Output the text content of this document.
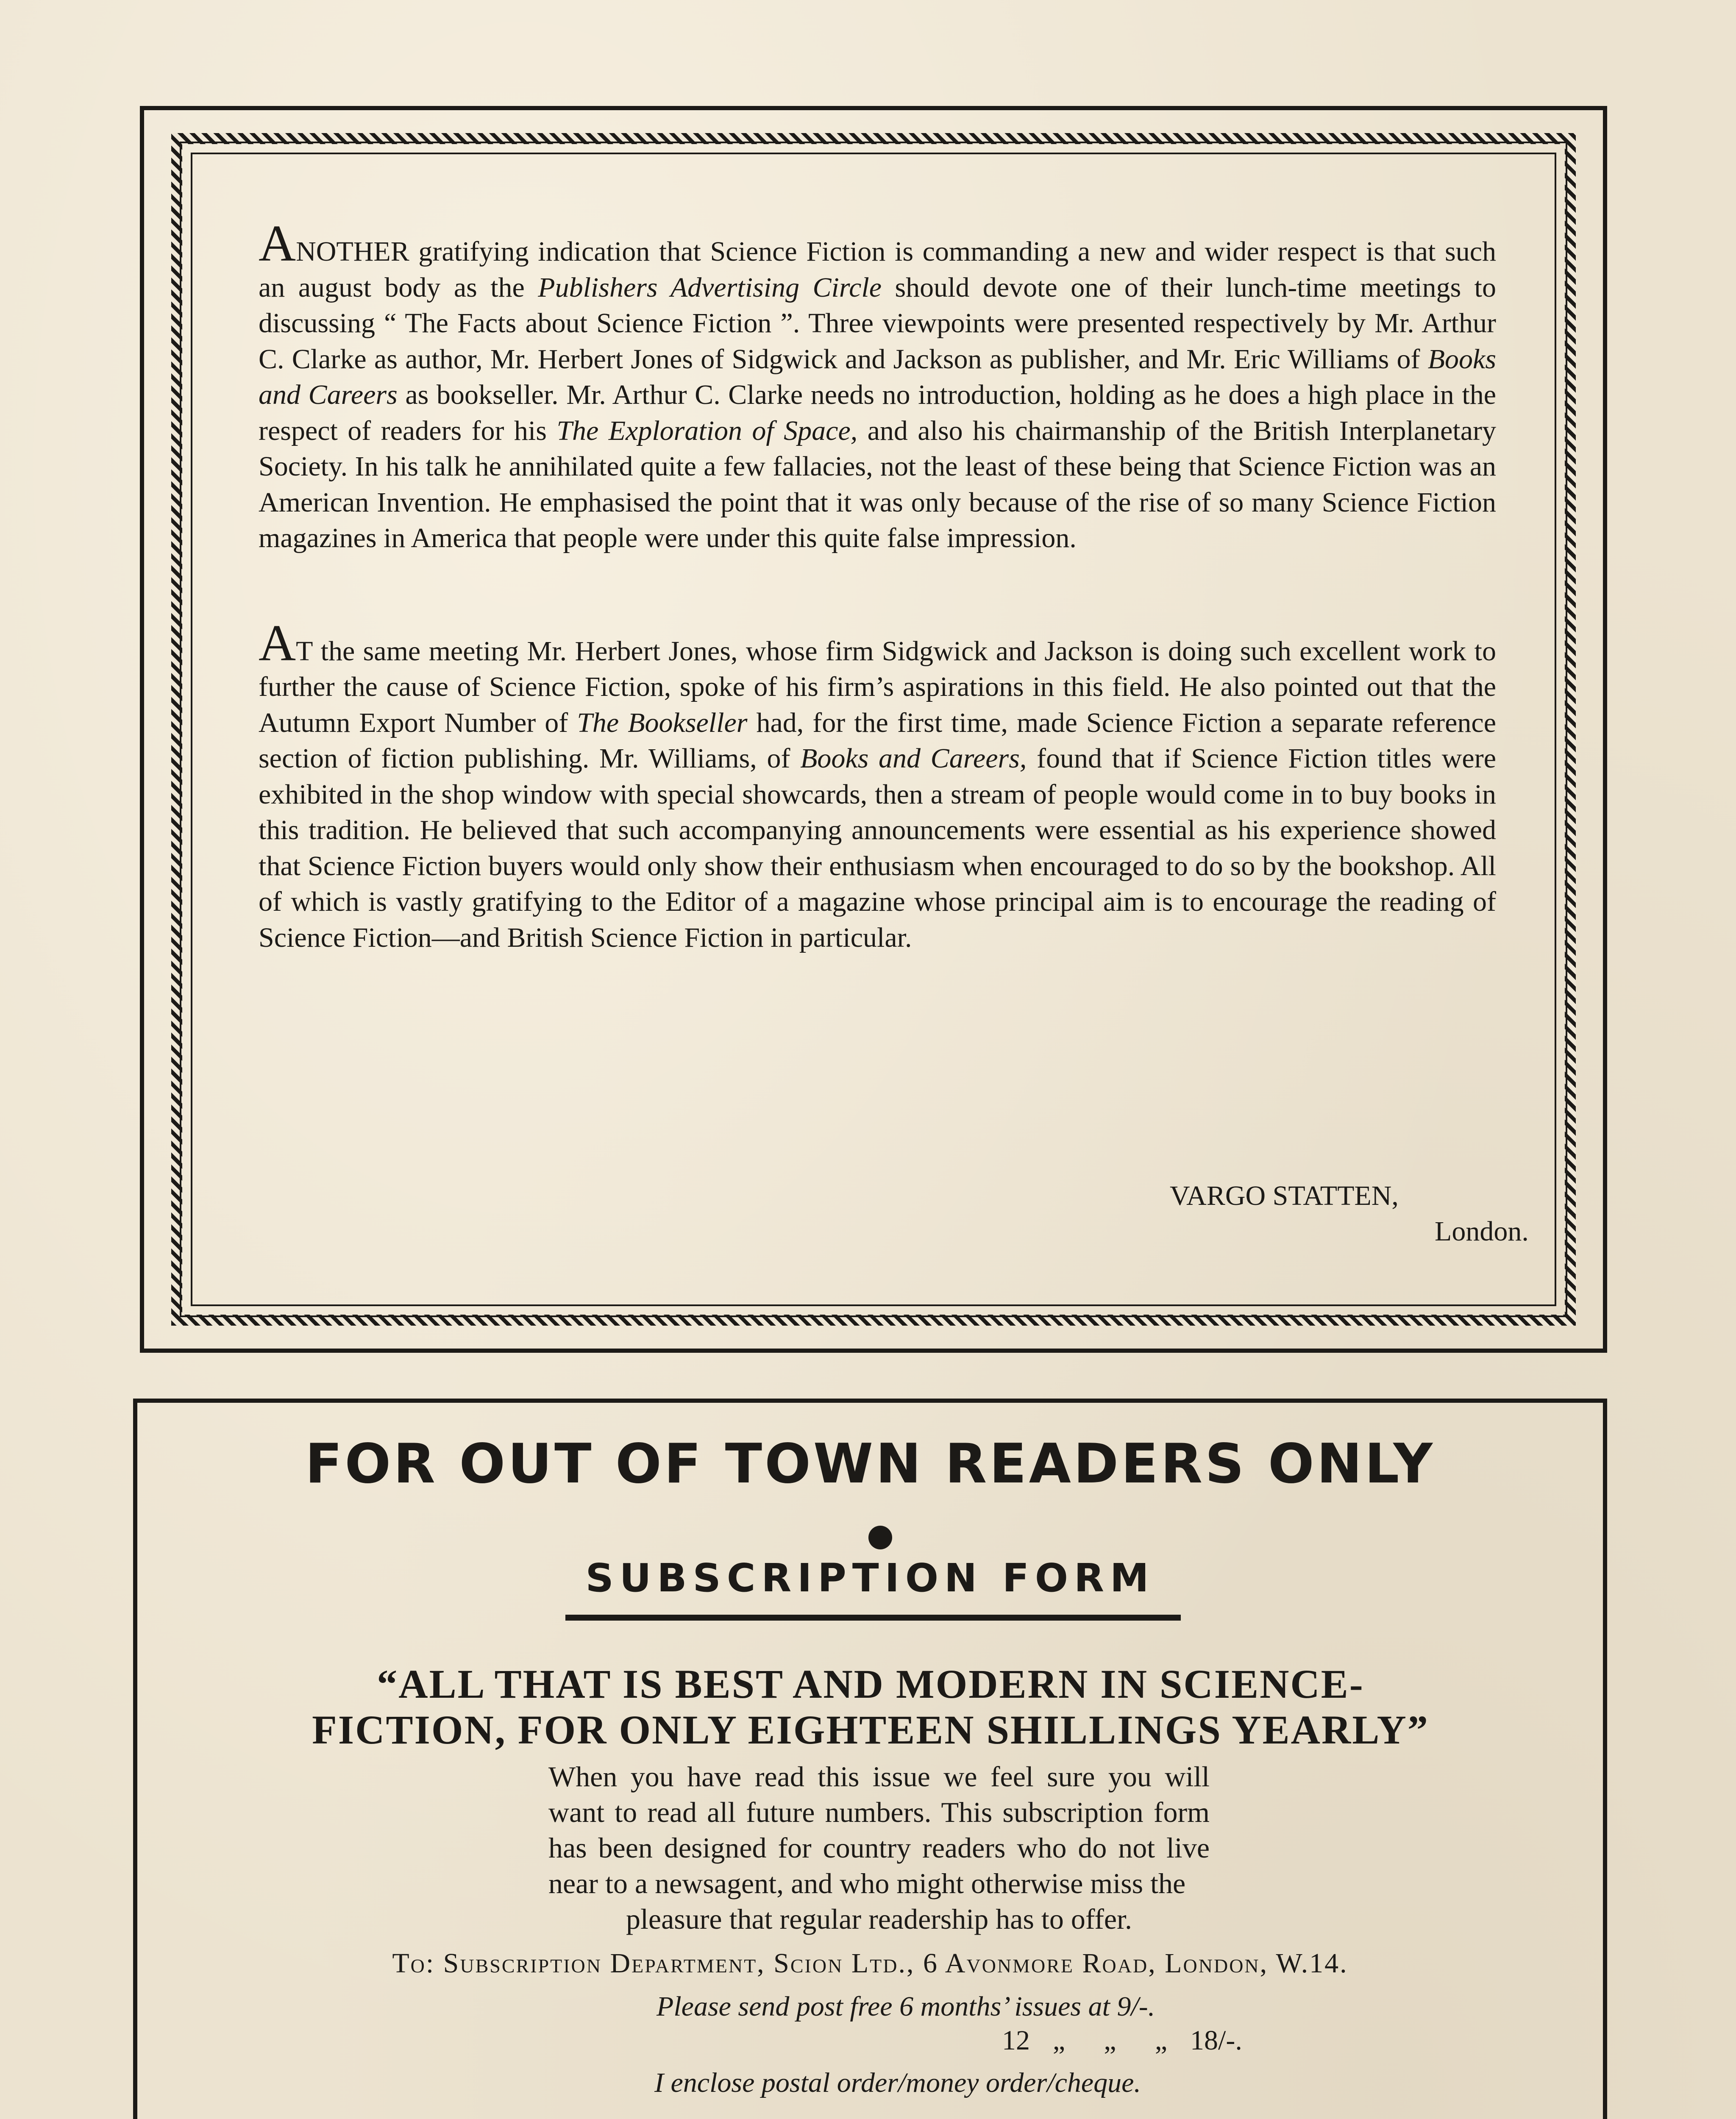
ANOTHER gratifying indication that Science Fiction is commanding a new and wider respect is that such an august body as the Publishers Advertising Circle should devote one of their lunch-time meetings to discussing “ The Facts about Science Fiction ”. Three viewpoints were presented respectively by Mr. Arthur C. Clarke as author, Mr. Herbert Jones of Sidgwick and Jackson as publisher, and Mr. Eric Williams of Books and Careers as bookseller. Mr. Arthur C. Clarke needs no introduction, holding as he does a high place in the respect of readers for his The Exploration of Space, and also his chairmanship of the British Interplanetary Society. In his talk he annihilated quite a few fallacies, not the least of these being that Science Fiction was an American Invention. He emphasised the point that it was only because of the rise of so many Science Fiction magazines in America that people were under this quite false impression.

AT the same meeting Mr. Herbert Jones, whose firm Sidgwick and Jackson is doing such excellent work to further the cause of Science Fiction, spoke of his firm’s aspirations in this field. He also pointed out that the Autumn Export Number of The Bookseller had, for the first time, made Science Fiction a separate reference section of fiction publishing. Mr. Williams, of Books and Careers, found that if Science Fiction titles were exhibited in the shop window with special showcards, then a stream of people would come in to buy books in this tradition. He believed that such accompanying announcements were essential as his experience showed that Science Fiction buyers would only show their enthusiasm when encouraged to do so by the bookshop. All of which is vastly gratifying to the Editor of a magazine whose principal aim is to encourage the reading of Science Fiction—and British Science Fiction in particular.

VARGO STATTEN,
London.
FOR OUT OF TOWN READERS ONLY
SUBSCRIPTION FORM
“ALL THAT IS BEST AND MODERN IN SCIENCE-
FICTION, FOR ONLY EIGHTEEN SHILLINGS YEARLY”
When you have read this issue we feel sure you will want to read all future numbers. This subscription form has been designed for country readers who do not live near to a newsagent, and who might otherwise miss the
pleasure that regular readership has to offer.
To: Subscription Department, Scion Ltd., 6 Avonmore Road, London, W.14.
Please send post free 6 months’ issues at 9/-.
12 „ „ „ 18/-.
I enclose postal order/money order/cheque.
